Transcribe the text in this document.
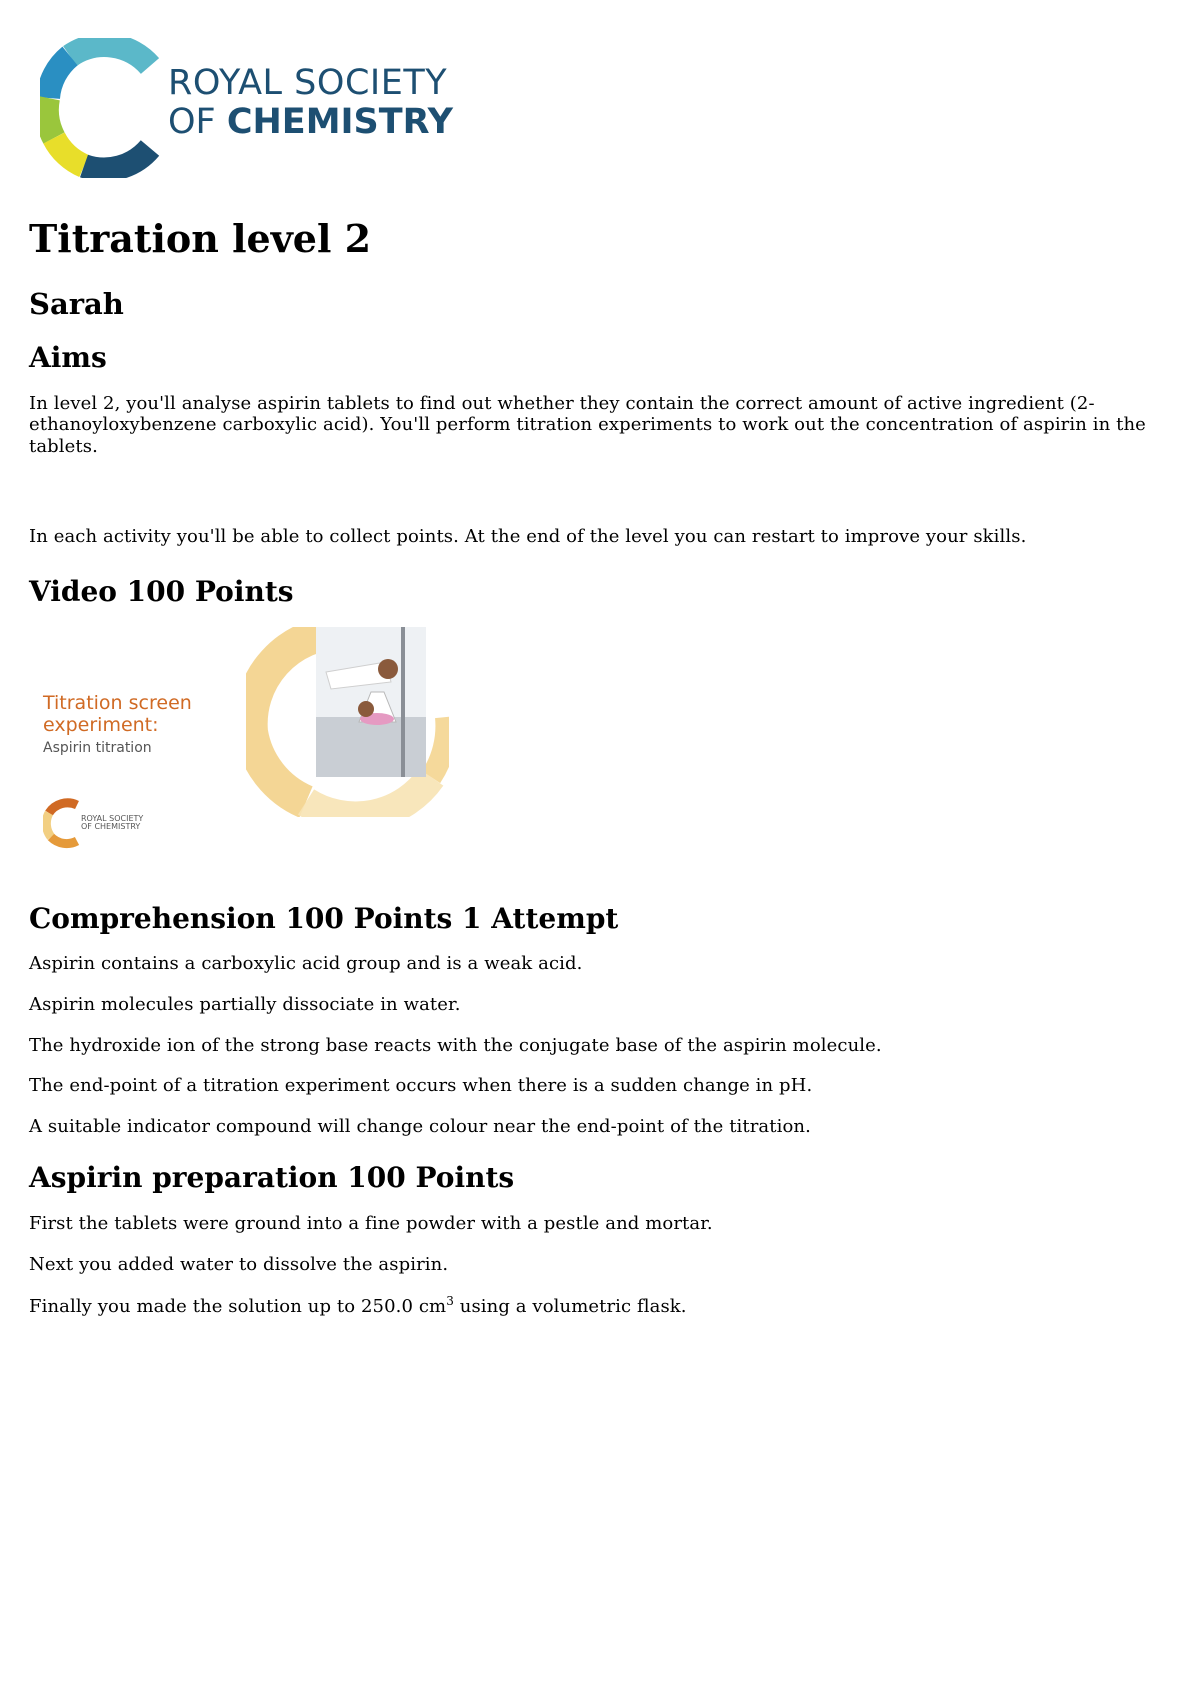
ROYAL SOCIETY
OF CHEMISTRY
Titration level 2
Sarah
Aims

In level 2, you'll analyse aspirin tablets to find out whether they contain the correct amount of active ingredient (2-ethanoyloxybenzene carboxylic acid). You'll perform titration experiments to work out the concentration of aspirin in the tablets.

In each activity you'll be able to collect points. At the end of the level you can restart to improve your skills.

Video 100 Points
Titration screen
experiment:
Aspirin titration
ROYAL SOCIETY
OF CHEMISTRY
Comprehension 100 Points 1 Attempt

Aspirin contains a carboxylic acid group and is a weak acid.

Aspirin molecules partially dissociate in water.

The hydroxide ion of the strong base reacts with the conjugate base of the aspirin molecule.

The end-point of a titration experiment occurs when there is a sudden change in pH.

A suitable indicator compound will change colour near the end-point of the titration.

Aspirin preparation 100 Points

First the tablets were ground into a fine powder with a pestle and mortar.

Next you added water to dissolve the aspirin.

Finally you made the solution up to 250.0 $cm^3$ using a volumetric flask.
